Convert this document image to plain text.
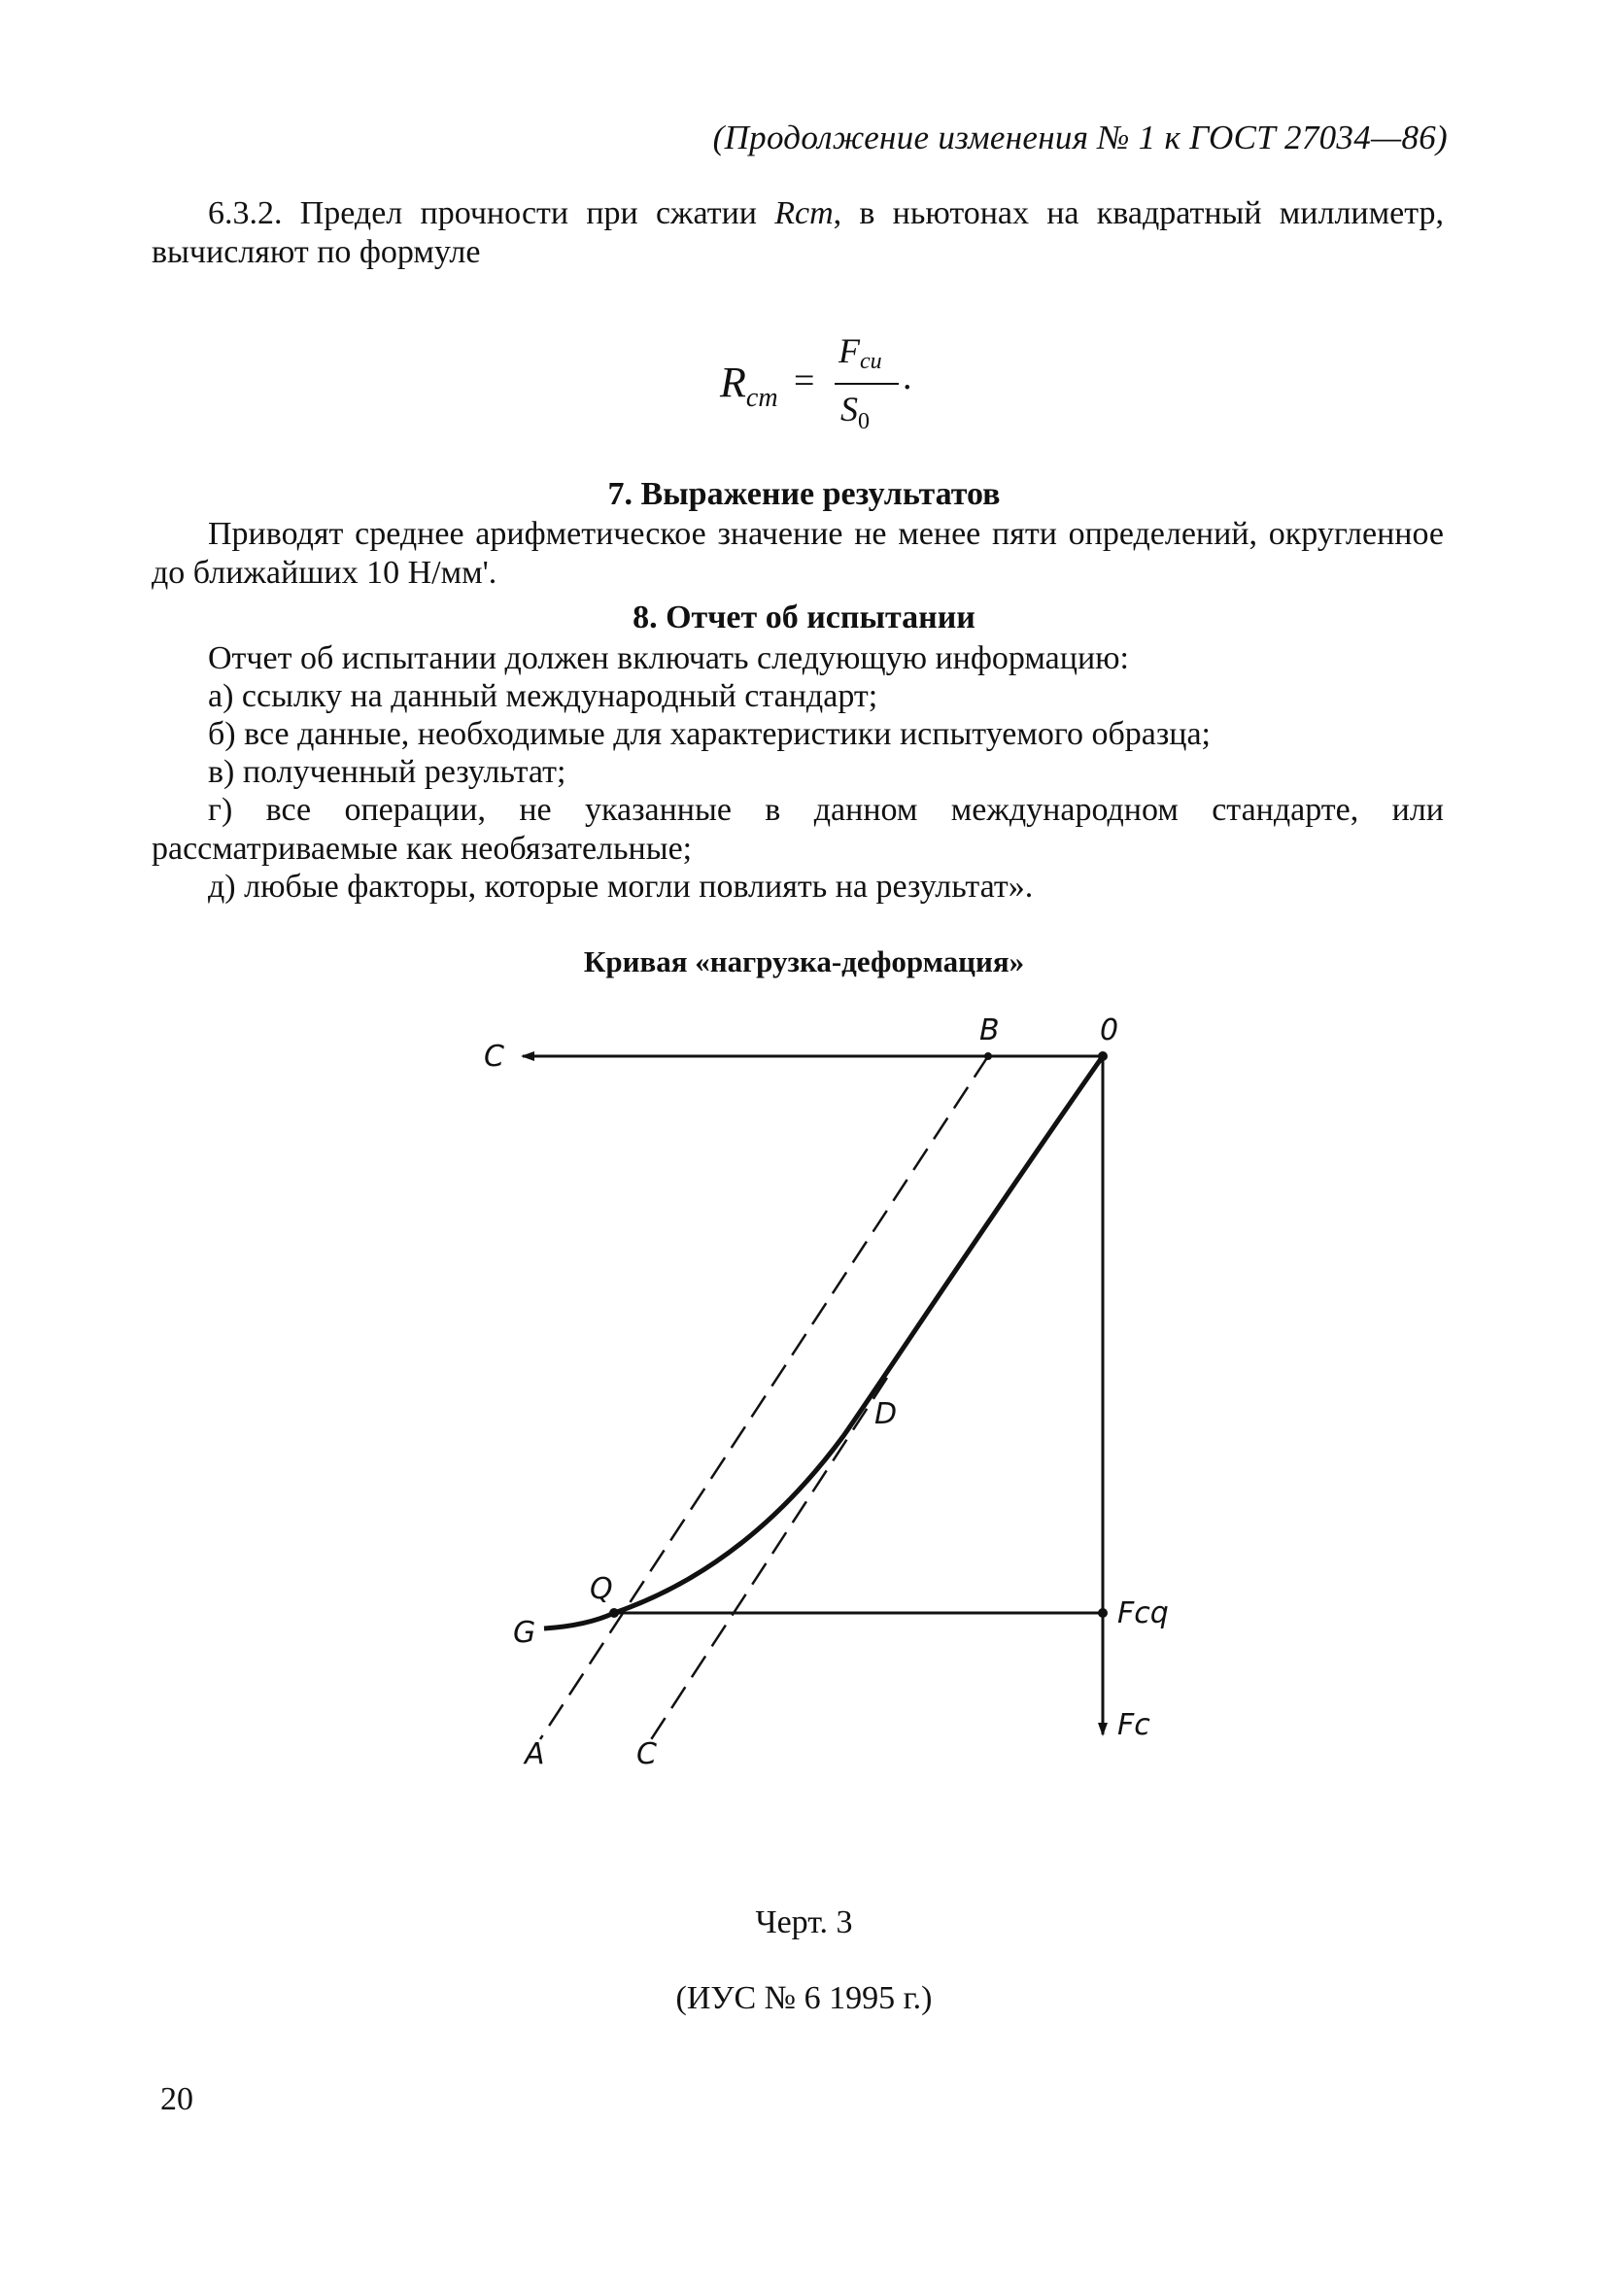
(Продолжение изменения № 1 к ГОСТ 27034—86)
6.3.2. Предел прочности при сжатии Rcm, в ньютонах на квадратный миллиметр, вычисляют по формуле
$R_{cm}$ =
$F_{cu}$
$S_0$
.
7. Выражение результатов
Приводят среднее арифметическое значение не менее пяти определений, округленное до ближайших 10 Н/мм'.
8. Отчет об испытании
Отчет об испытании должен включать следующую информацию:
а) ссылку на данный международный стандарт;
б) все данные, необходимые для характеристики испытуемого образца;
в) полученный результат;
г) все операции, не указанные в данном международном стандарте, или рассматриваемые как необязательные;
д) любые факторы, которые могли повлиять на результат».
Кривая «нагрузка-деформация»
C
B	0
D
Q
G
Fcq
A	C
Fc
Черт. 3
(ИУС № 6 1995 г.)
20
